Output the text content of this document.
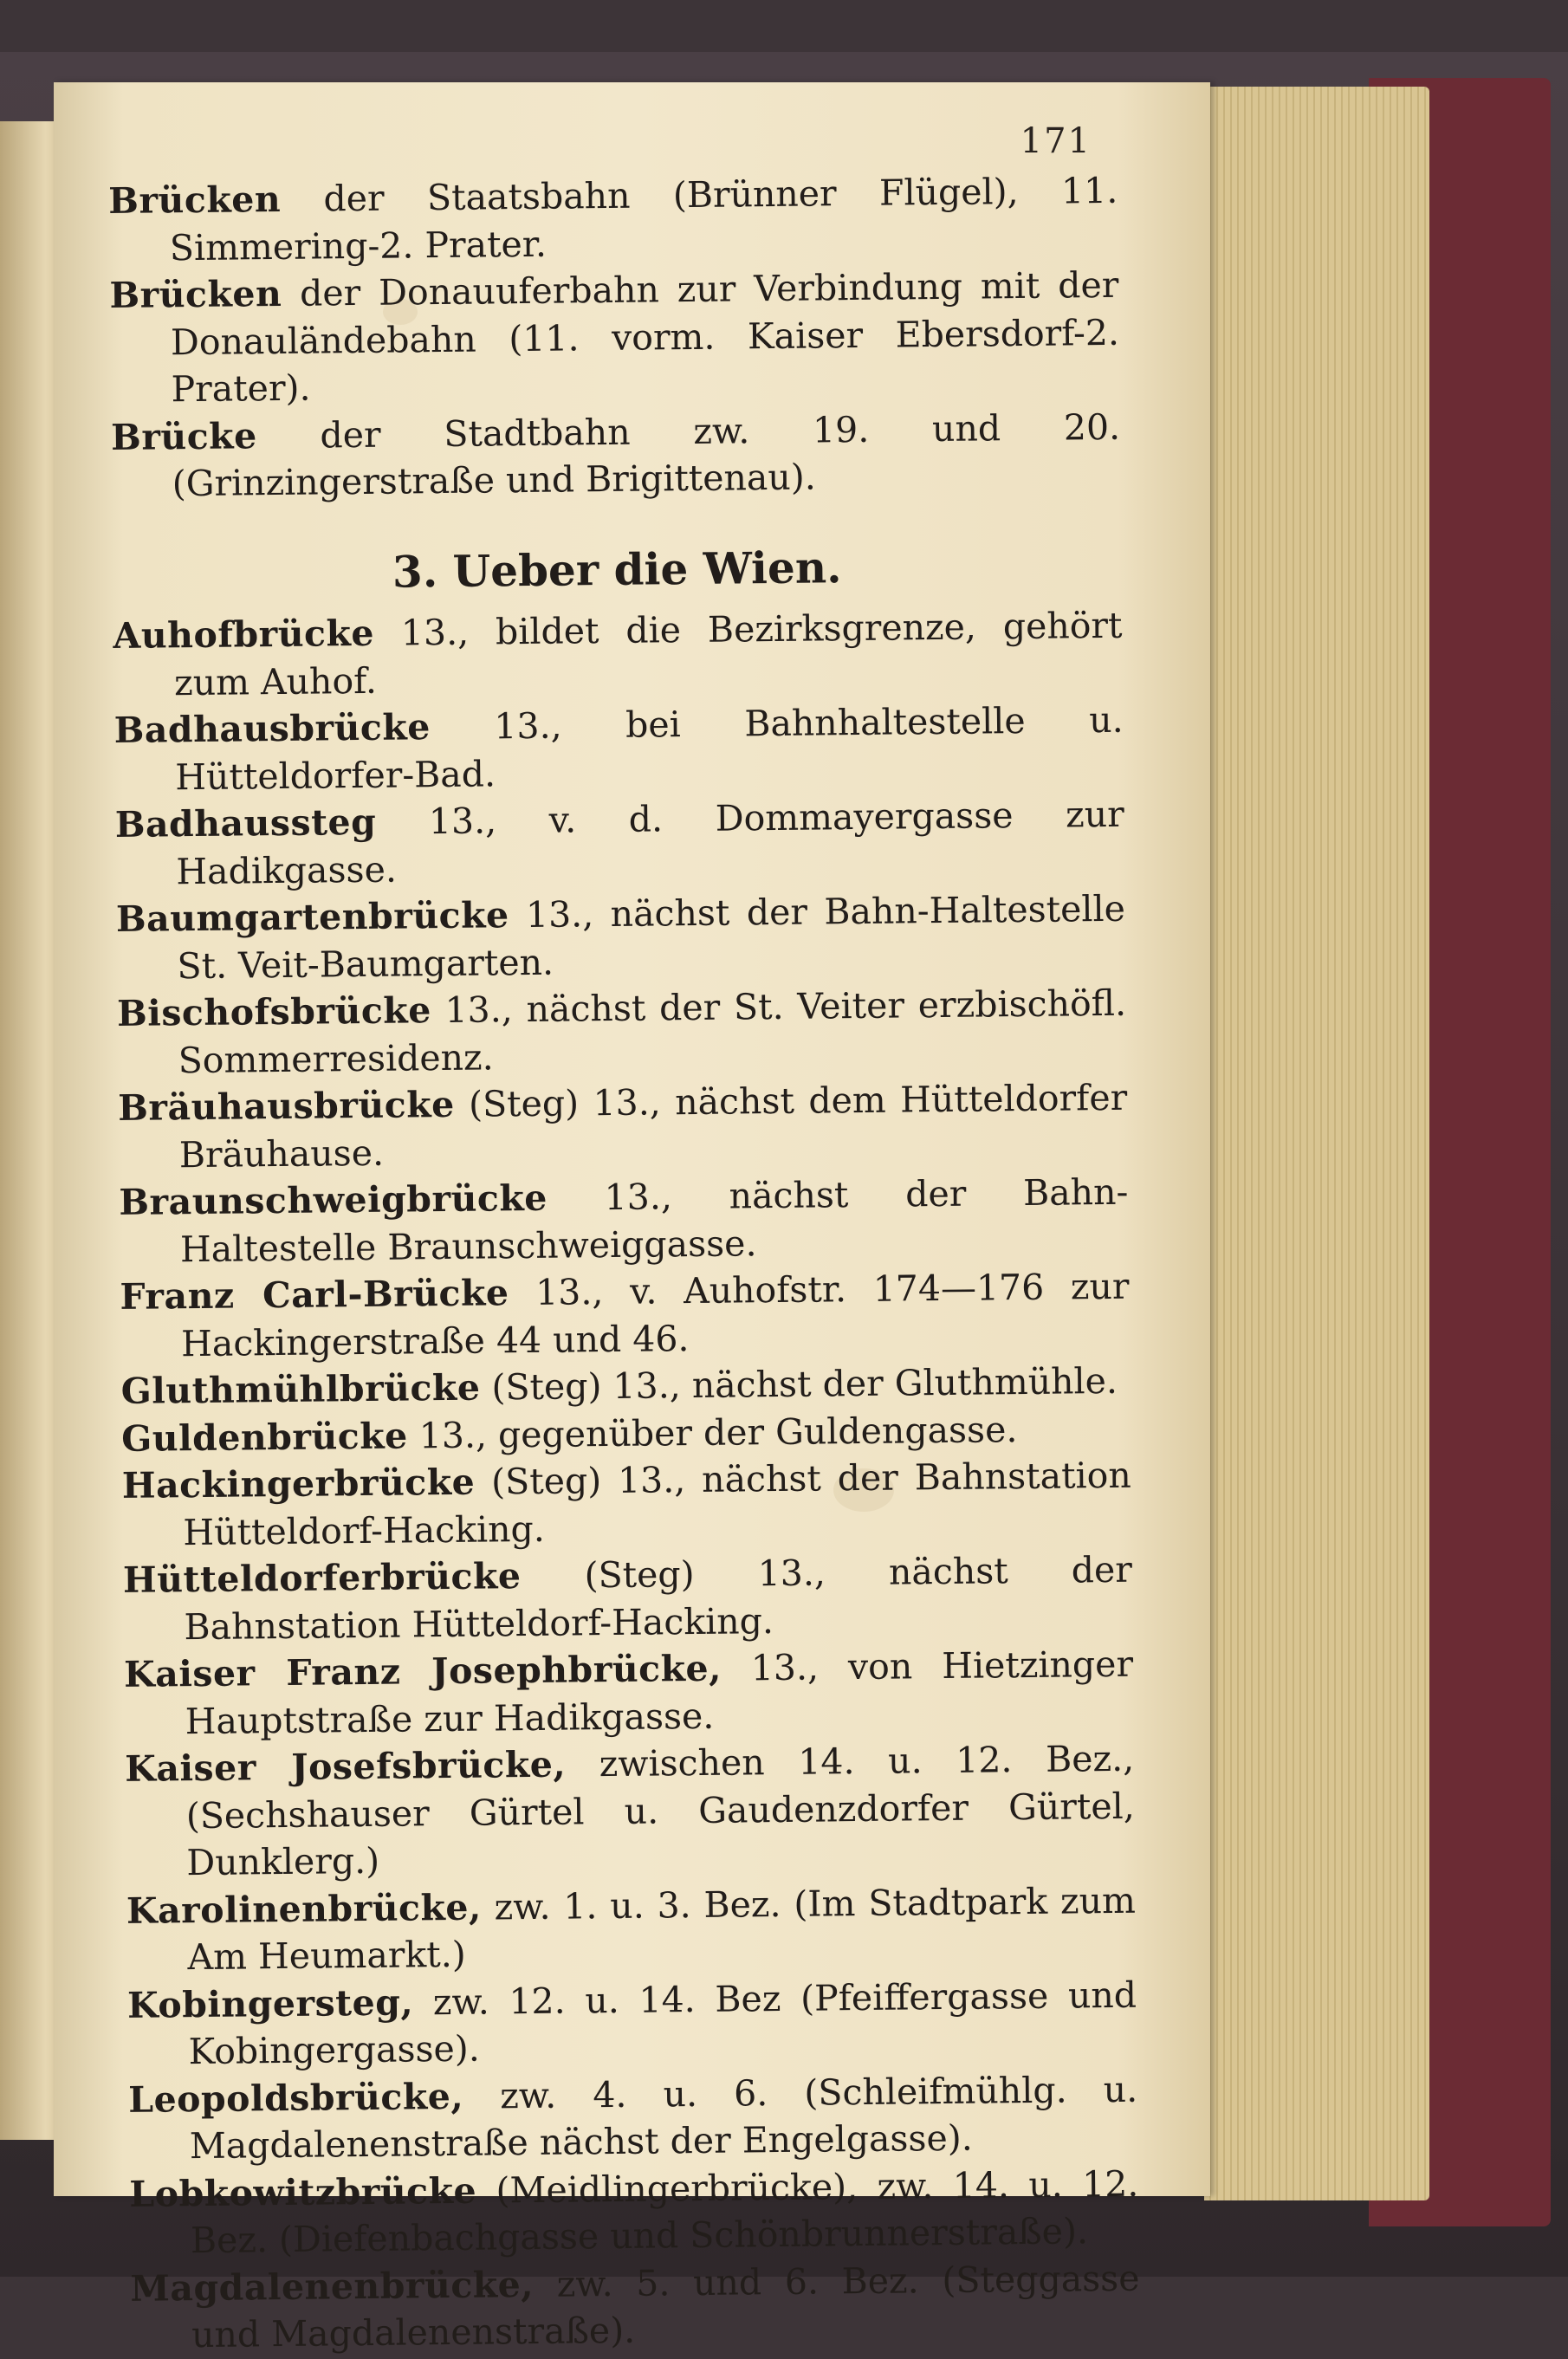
171

Brücken der Staatsbahn (Brünner Flügel), 11. Simmering-2. Prater.

Brücken der Donauuferbahn zur Verbindung mit der Donauländebahn (11. vorm. Kaiser Ebersdorf-2. Prater).

Brücke der Stadtbahn zw. 19. und 20. (Grinzingerstraße und Brigittenau).

3. Ueber die Wien.

Auhofbrücke 13., bildet die Bezirksgrenze, gehört zum Auhof.

Badhausbrücke 13., bei Bahnhaltestelle u. Hütteldorfer-Bad.

Badhaussteg 13., v. d. Dommayergasse zur Hadikgasse.

Baumgartenbrücke 13., nächst der Bahn-Haltestelle St. Veit-Baumgarten.

Bischofsbrücke 13., nächst der St. Veiter erzbischöfl. Sommerresidenz.

Bräuhausbrücke (Steg) 13., nächst dem Hütteldorfer Bräuhause.

Braunschweigbrücke 13., nächst der Bahn-Haltestelle Braunschweiggasse.

Franz Carl-Brücke 13., v. Auhofstr. 174—176 zur Hackingerstraße 44 und 46.

Gluthmühlbrücke (Steg) 13., nächst der Gluthmühle.

Guldenbrücke 13., gegenüber der Guldengasse.

Hackingerbrücke (Steg) 13., nächst der Bahnstation Hütteldorf-Hacking.

Hütteldorferbrücke (Steg) 13., nächst der Bahnstation Hütteldorf-Hacking.

Kaiser Franz Josephbrücke, 13., von Hietzinger Hauptstraße zur Hadikgasse.

Kaiser Josefsbrücke, zwischen 14. u. 12. Bez., (Sechshauser Gürtel u. Gaudenzdorfer Gürtel, Dunklerg.)

Karolinenbrücke, zw. 1. u. 3. Bez. (Im Stadtpark zum Am Heumarkt.)

Kobingersteg, zw. 12. u. 14. Bez (Pfeiffergasse und Kobingergasse).

Leopoldsbrücke, zw. 4. u. 6. (Schleifmühlg. u. Magdalenenstraße nächst der Engelgasse).

Lobkowitzbrücke (Meidlingerbrücke), zw. 14. u. 12. Bez. (Diefenbachgasse und Schönbrunnerstraße).

Magdalenenbrücke, zw. 5. und 6. Bez. (Steggasse und Magdalenenstraße).
